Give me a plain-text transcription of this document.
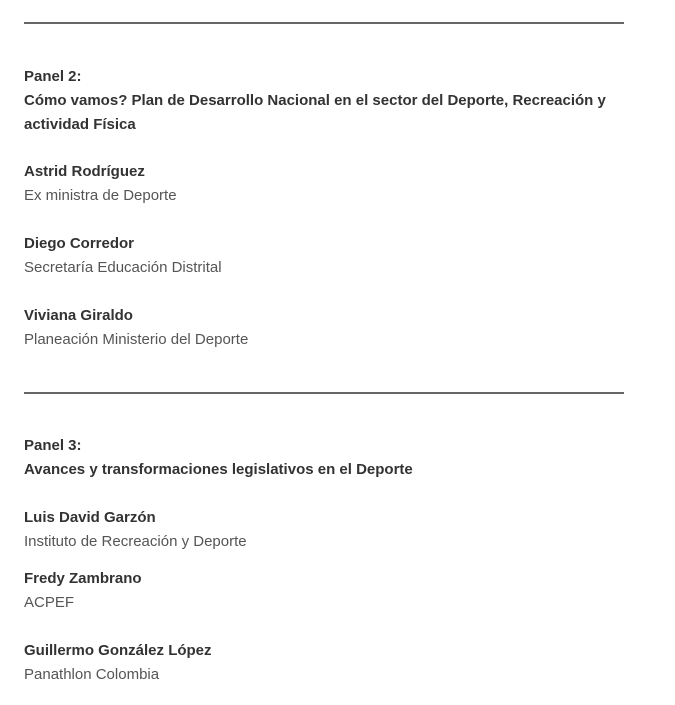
Panel 2:
Cómo vamos? Plan de Desarrollo Nacional en el sector del Deporte, Recreación y actividad Física
Astrid Rodríguez
Ex ministra de Deporte
Diego Corredor
Secretaría Educación Distrital
Viviana Giraldo
Planeación Ministerio del Deporte
Panel 3:
Avances y transformaciones legislativos en el Deporte
Luis David Garzón
Instituto de Recreación y Deporte
Fredy Zambrano
ACPEF
Guillermo González López
Panathlon Colombia
